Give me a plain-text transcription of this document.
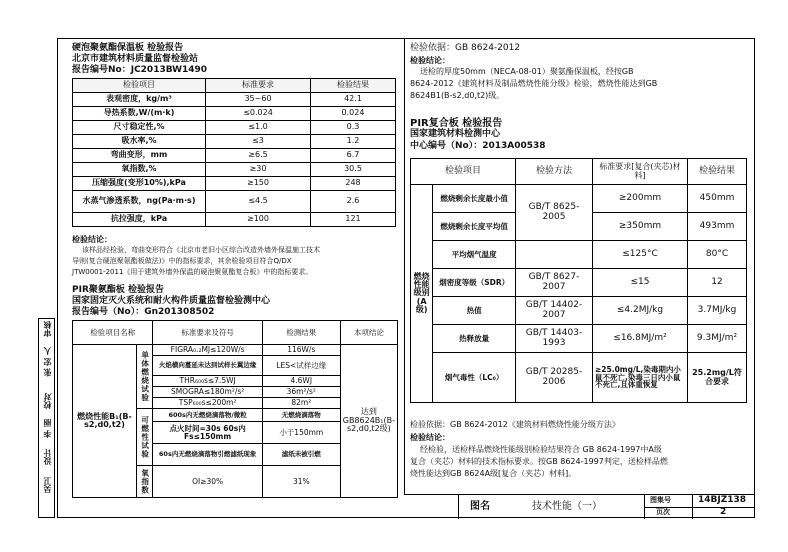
硬泡聚氨酯保温板 检验报告
北京市建筑材料质量监督检验站
报告编号No：JC2013BW1490
检验项目	标准要求	检验结果
表观密度，kg/m³	35~60	42.1
导热系数,W/(m·k)	≤0.024	0.024
尺寸稳定性,%	≤1.0	0.3
吸水率,%	≤3	1.2
弯曲变形，mm	≥6.5	6.7
氧指数,%	≥30	30.5
压缩强度(变形10%),kPa	≥150	248
水蒸气渗透系数，ng(Pa·m·s)	≤4.5	2.6
抗拉强度，kPa	≥100	121
检验结论：
该样品经检验，弯曲变形符合《北京市老旧小区综合改造外墙外保温施工技术
导则(复合硬泡聚氨酯板做法)》中的指标要求，其余检验项目符合Q/DX
JTW0001-2011《用于建筑外墙外保温的硬泡聚氨酯复合板》中的指标要求。
PIR聚氨酯板 检验报告
国家固定灭火系统和耐火构件质量监督检验测中心
报告编号（No）：Gn201308502
检验项目名称		标准要求及符号	检测结果	本项结论
燃烧性能B₁(B-s2,d0,t2)	单体燃烧试验	FIGRA₀.₂MJ≤120W/s	116W/s	达到GB8624B₁(B-s2,d0,t2级)
		火焰横向蔓延未达到试样长翼边缘	LES<试样边缘	
		THR₆₀₀s≤7.5WJ	4.6WJ	
		SMOGRA≤180m²/s²	36m²/s²	
		TSP₆₀₀s≤200m²	82m²	
	可燃性试验	600s内无燃烧滴落物/微粒	无燃烧滴落物	
		点火时间=30s 60s内Fs≤150mm	小于150mm	
		60s内无燃烧滴落物引燃滤纸现象	滤纸未被引燃	
	氧指数	OI≥30%	31%	
审核
张 宏 人
校对
李 丽
设计
吴卫
检验依据：GB 8624-2012
检验结论：
送检的厚度50mm（NECA-08-01）聚氨酯保温板，经按GB
8624-2012《建筑材料及制品燃烧性能分级》检验，燃烧性能达到GB
8624B1(B-s2,d0,t2)级。
PIR复合板 检验报告
国家建筑材料检测中心
中心编号（No）：2013A00538
检验项目		检验方法	标准要求[复合(夹芯)材料]	检验结果
燃烧性能级别(A级)	燃烧剩余长度最小值	GB/T 8625-2005	≥200mm	450mm
	燃烧剩余长度平均值		≥350mm	493mm
	平均烟气温度		≤125°C	80°C
	烟密度等级（SDR）	GB/T 8627-2007	≤15	12
	热值	GB/T 14402-2007	≤4.2MJ/kg	3.7MJ/kg
	热释放量	GB/T 14403-1993	≤16.8MJ/m²	9.3MJ/m²
	烟气毒性（LC₀）	GB/T 20285-2006	≥25.0mg/L,染毒期内小鼠不死亡,染毒三日内小鼠不死亡,且体重恢复	25.2mg/L符合要求
检验依据：GB 8624-2012《建筑材料燃烧性能分级方法》
检验结论：
经检验，送检样品燃烧性能级别检验结果符合 GB 8624-1997中A级
复合（夹芯）材料的技术指标要求。按GB 8624-1997判定，送检样品燃
烧性能达到GB 8624A级[复合（夹芯）材料]。
图名	技术性能（一）
图集号	14BJZ138
页次	2
